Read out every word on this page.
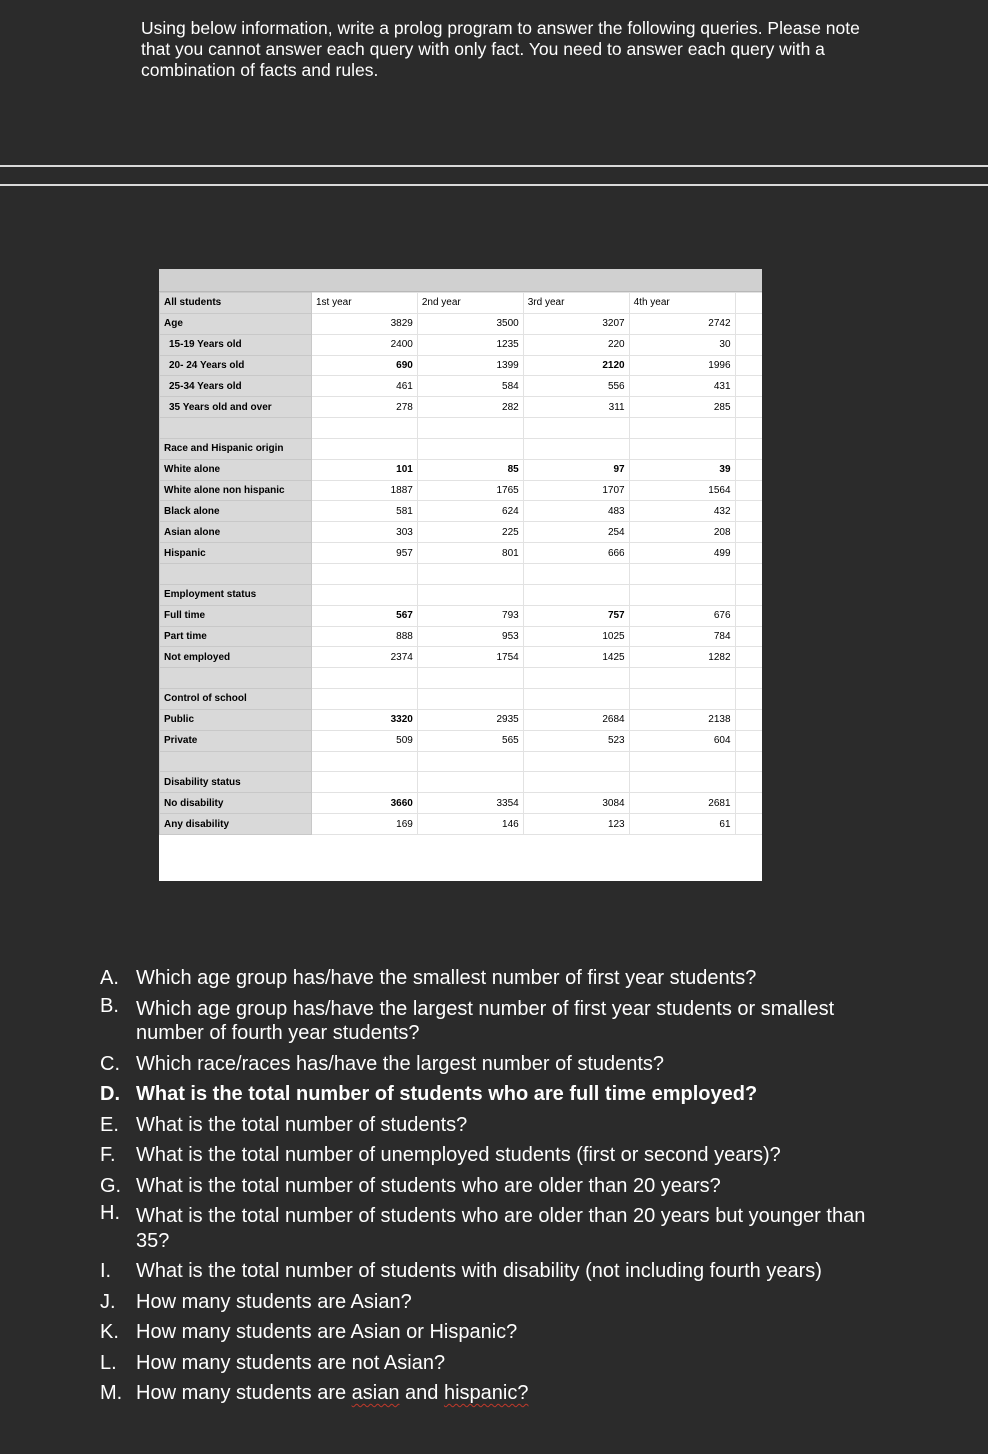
Using below information, write a prolog program to answer the following queries. Please note that you cannot answer each query with only fact. You need to answer each query with a combination of facts and rules.
All students	1st year	2nd year	3rd year	4th year	
Age	3829	3500	3207	2742	
15-19 Years old	2400	1235	220	30	
20- 24 Years old	690	1399	2120	1996	
25-34 Years old	461	584	556	431	
35 Years old and over	278	282	311	285	

Race and Hispanic origin					
White alone	101	85	97	39	
White alone non hispanic	1887	1765	1707	1564	
Black alone	581	624	483	432	
Asian alone	303	225	254	208	
Hispanic	957	801	666	499	

Employment status					
Full time	567	793	757	676	
Part time	888	953	1025	784	
Not employed	2374	1754	1425	1282	

Control of school					
Public	3320	2935	2684	2138	
Private	509	565	523	604	

Disability status					
No disability	3660	3354	3084	2681	
Any disability	169	146	123	61	
A. Which age group has/have the smallest number of first year students?
B. Which age group has/have the largest number of first year students or smallest number of fourth year students?
C. Which race/races has/have the largest number of students?
D. What is the total number of students who are full time employed?
E. What is the total number of students?
F.	What is the total number of unemployed students (first or second years)?
G. What is the total number of students who are older than 20 years?
H. What is the total number of students who are older than 20 years but younger than 35?
I.	What is the total number of students with disability (not including fourth years)
J.	How many students are Asian?
K. How many students are Asian or Hispanic?
L. How many students are not Asian?
M. How many students are asian and hispanic?
